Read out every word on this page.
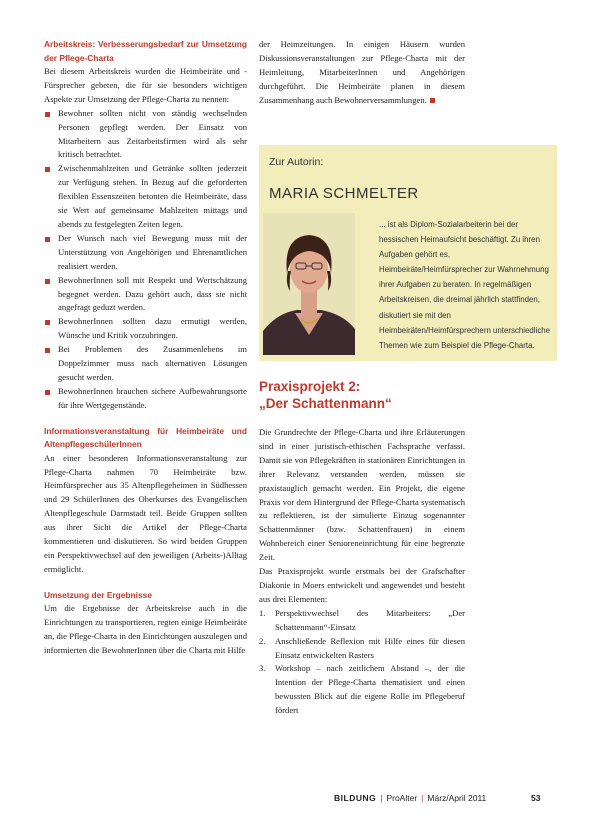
Arbeitskreis: Verbesserungsbedarf zur Umsetzung der Pflege-Charta

Bei diesem Arbeitskreis wurden die Heimbeiräte und -Fürsprecher gebeten, die für sie besonders wichtigen Aspekte zur Umsetzung der Pflege-Charta zu nennen:

Bewohner sollten nicht von ständig wechselnden Personen gepflegt werden. Der Einsatz von Mitarbeitern aus Zeitarbeitsfirmen wird als sehr kritisch betrachtet.
Zwischenmahlzeiten und Getränke sollten jederzeit zur Verfügung stehen. In Bezug auf die geforderten flexiblen Essenszeiten betonten die Heimbeiräte, dass sie Wert auf gemeinsame Mahlzeiten mittags und abends zu festgelegten Zeiten legen.
Der Wunsch nach viel Bewegung muss mit der Unterstützung von Angehörigen und Ehrenamtlichen realisiert werden.
BewohnerInnen soll mit Respekt und Wertschätzung begegnet werden. Dazu gehört auch, dass sie nicht angefragt geduzt werden.
BewohnerInnen sollten dazu ermutigt werden, Wünsche und Kritik vorzubringen.
Bei Problemen des Zusammenlebens im Doppelzimmer muss nach alternativen Lösungen gesucht werden.
BewohnerInnen brauchen sichere Aufbewahrungsorte für ihre Wertgegenstände.

Informationsveranstaltung für Heimbeiräte und AltenpflegeschülerInnen

An einer besonderen Informationsveranstaltung zur Pflege-Charta nahmen 70 Heimbeiräte bzw. Heimfürsprecher aus 35 Altenpflegeheimen in Südhessen und 29 SchülerInnen des Oberkurses des Evangelischen Altenpflegeschule Darmstadt teil. Beide Gruppen sollten aus ihrer Sicht die Artikel der Pflege-Charta kommentieren und diskutieren. So wird beiden Gruppen ein Perspektivwechsel auf den jeweiligen (Arbeits-)Alltag ermöglicht.

Umsetzung der Ergebnisse

Um die Ergebnisse der Arbeitskreise auch in die Einrichtungen zu transportieren, regten einige Heimbeiräte an, die Pflege-Charta in den Einrichtungen auszulegen und informierten die BewohnerInnen über die Charta mit Hilfe

der Heimzeitungen. In einigen Häusern wurden Diskussionsveranstaltungen zur Pflege-Charta mit der Heimleitung, MitarbeiterInnen und Angehörigen durchgeführt. Die Heimbeiräte planen in diesem Zusammenhang auch Bewohnerversammlungen.

Zur Autorin:
MARIA SCHMELTER
... ist als Diplom-Sozialarbeiterin bei der hessischen Heimaufsicht beschäftigt. Zu ihren Aufgaben gehört es, Heimbeiräte/Heimfürsprecher zur Wahrnehmung ihrer Aufgaben zu beraten. In regelmäßigen Arbeitskreisen, die dreimal jährlich stattfinden, diskutiert sie mit den Heimbeiräten/Heimfürsprechern unterschiedliche Themen wie zum Beispiel die Pflege-Charta.
Praxisprojekt 2:
„Der Schattenmann“

Die Grundrechte der Pflege-Charta und ihre Erläuterungen sind in einer juristisch-ethischen Fachsprache verfasst. Damit sie von Pflegekräften in stationären Einrichtungen in ihrer Relevanz verstanden werden, müssen sie praxistauglich gemacht werden. Ein Projekt, die eigene Praxis vor dem Hintergrund der Pflege-Charta systematisch zu reflektieren, ist der simulierte Einzug sogenannter Schattenmänner (bzw. Schattenfrauen) in einem Wohnbereich einer Senioreneinrichtung für eine begrenzte Zeit.

Das Praxisprojekt wurde erstmals bei der Grafschafter Diakonie in Moers entwickelt und angewendet und besteht aus drei Elementen:

1. Perspektivwechsel des Mitarbeiters: „Der Schattenmann“-Einsatz
2. Anschließende Reflexion mit Hilfe eines für diesen Einsatz entwickelten Rasters
3. Workshop – nach zeitlichem Abstand –, der die Intention der Pflege-Charta thematisiert und einen bewussten Blick auf die eigene Rolle im Pflegeberuf fördert
BILDUNG | ProAlter | März/April 2011	53
